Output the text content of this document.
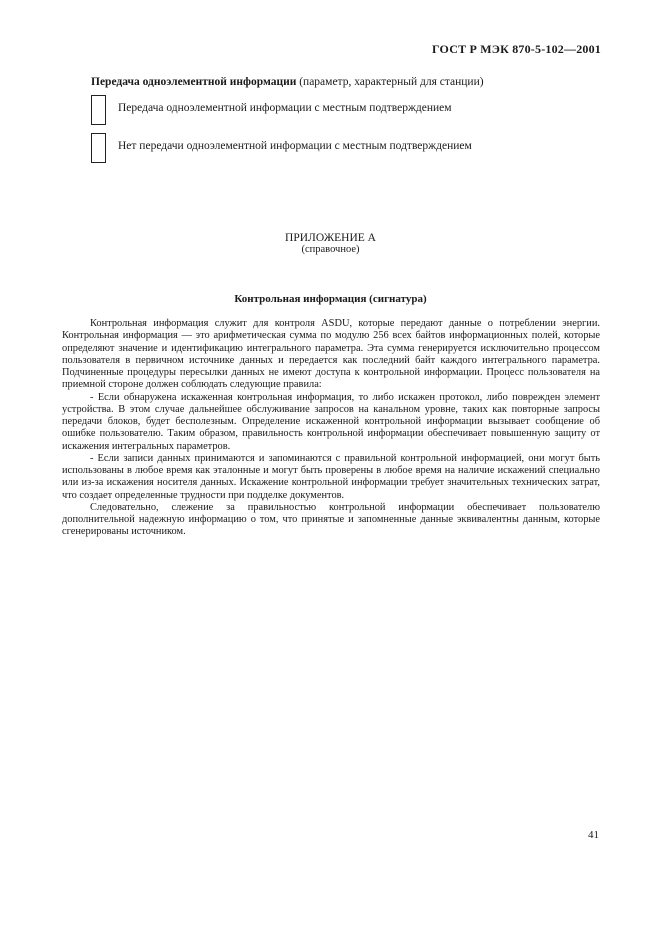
ГОСТ Р МЭК 870-5-102—2001
Передача одноэлементной информации (параметр, характерный для станции)
Передача одноэлементной информации с местным подтверждением
Нет передачи одноэлементной информации с местным подтверждением
ПРИЛОЖЕНИЕ А
(справочное)
Контрольная информация (сигнатура)

Контрольная информация служит для контроля ASDU, которые передают данные о потреблении энергии. Контрольная информация — это арифметическая сумма по модулю 256 всех байтов информационных полей, которые определяют значение и идентификацию интегрального параметра. Эта сумма генерируется исключительно процессом пользователя в первичном источнике данных и передается как последний байт каждого интегрального параметра. Подчиненные процедуры пересылки данных не имеют доступа к контрольной информации. Процесс пользователя на приемной стороне должен соблюдать следующие правила:

- Если обнаружена искаженная контрольная информация, то либо искажен протокол, либо поврежден элемент устройства. В этом случае дальнейшее обслуживание запросов на канальном уровне, таких как повторные запросы передачи блоков, будет бесполезным. Определение искаженной контрольной информации вызывает сообщение об ошибке пользователю. Таким образом, правильность контрольной информации обеспечивает повышенную защиту от искажения интегральных параметров.

- Если записи данных принимаются и запоминаются с правильной контрольной информацией, они могут быть использованы в любое время как эталонные и могут быть проверены в любое время на наличие искажений специально или из-за искажения носителя данных. Искажение контрольной информации требует значительных технических затрат, что создает определенные трудности при подделке документов.

Следовательно, слежение за правильностью контрольной информации обеспечивает пользователю дополнительной надежную информацию о том, что принятые и запомненные данные эквивалентны данным, которые сгенерированы источником.

41
